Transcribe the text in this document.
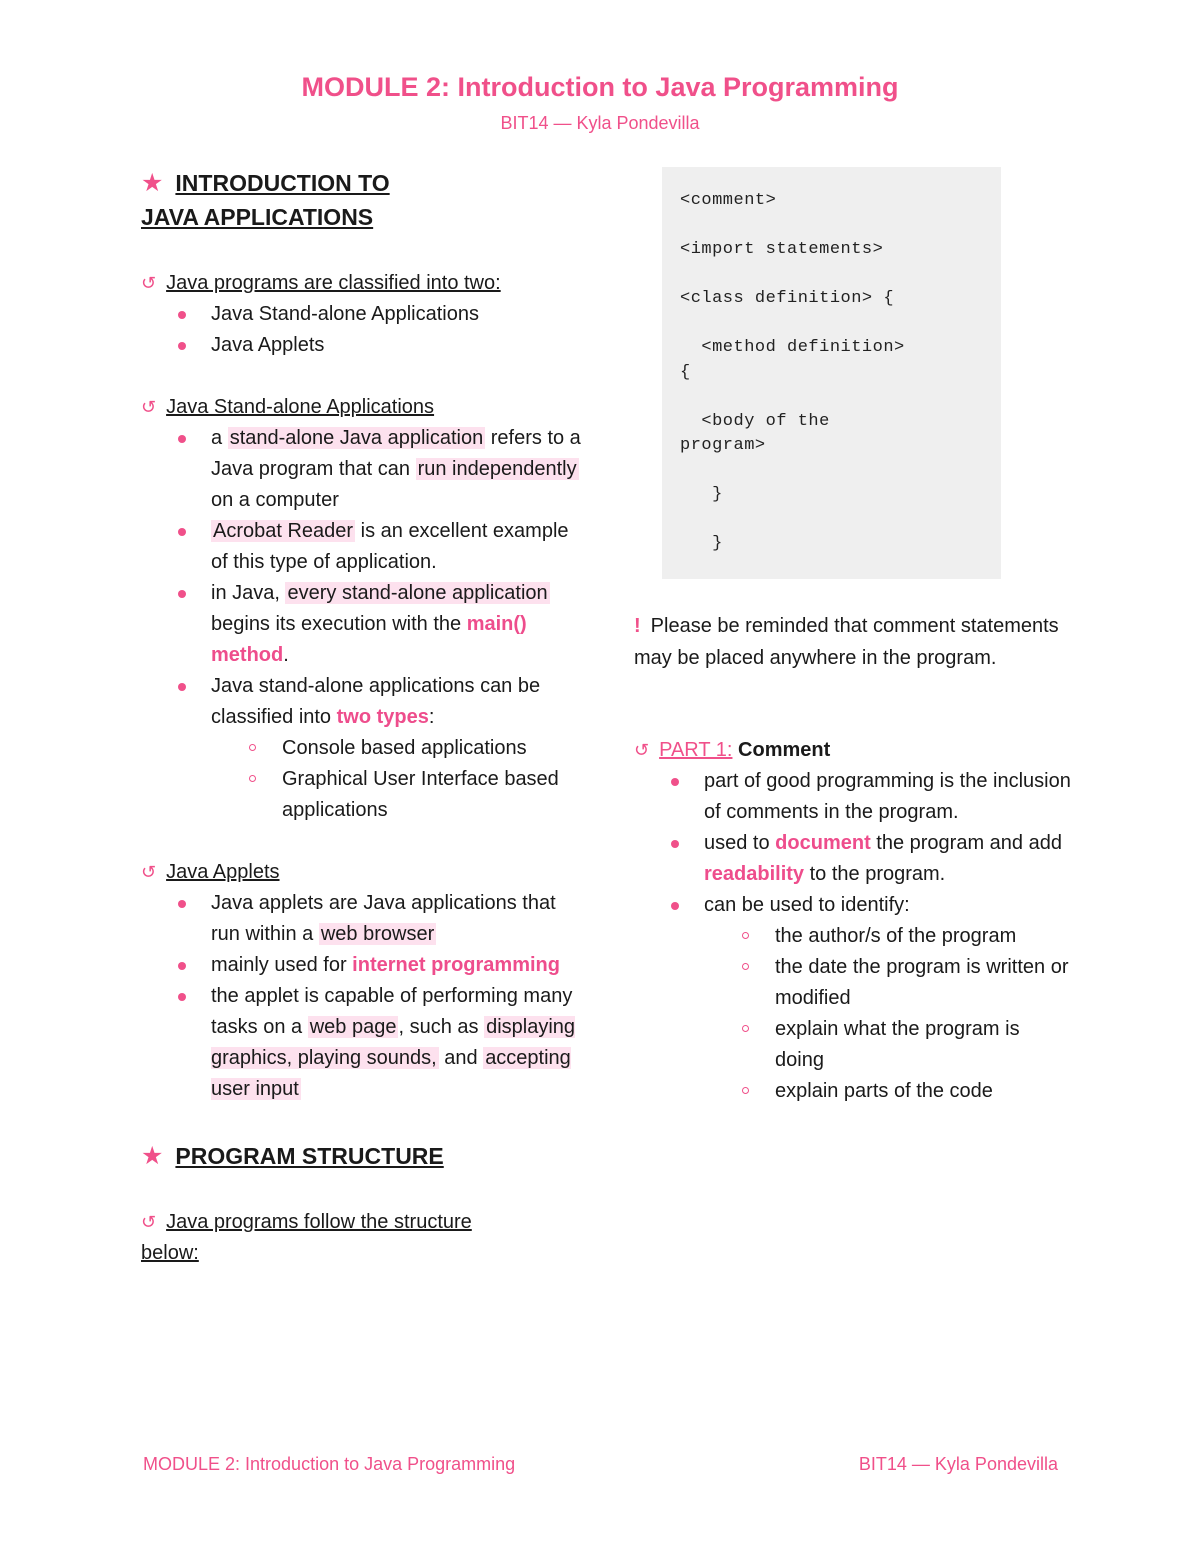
MODULE 2: Introduction to Java Programming
BIT14 — Kyla Pondevilla
★ INTRODUCTION TO
JAVA APPLICATIONS
↺ Java programs are classified into two:
Java Stand-alone Applications
Java Applets
↺ Java Stand-alone Applications
a stand-alone Java application refers to a Java program that can run independently on a computer
Acrobat Reader is an excellent example of this type of application.
in Java, every stand-alone application begins its execution with the main() method.
Java stand-alone applications can be classified into two types:
Console based applications
Graphical User Interface based applications
↺ Java Applets
Java applets are Java applications that run within a web browser
mainly used for internet programming
the applet is capable of performing many tasks on a web page , such as displaying graphics, playing sounds, and accepting user input
★ PROGRAM STRUCTURE
↺ Java programs follow the structure
below:
<comment>

<import statements>

<class definition> {

<method definition>
{

<body of the
program>

}

}
! Please be reminded that comment statements may be placed anywhere in the program.
↺ PART 1: Comment
part of good programming is the inclusion of comments in the program.
used to document the program and add readability to the program.
can be used to identify:
the author/s of the program
the date the program is written or modified
explain what the program is doing
explain parts of the code
MODULE 2: Introduction to Java Programming	BIT14 — Kyla Pondevilla
